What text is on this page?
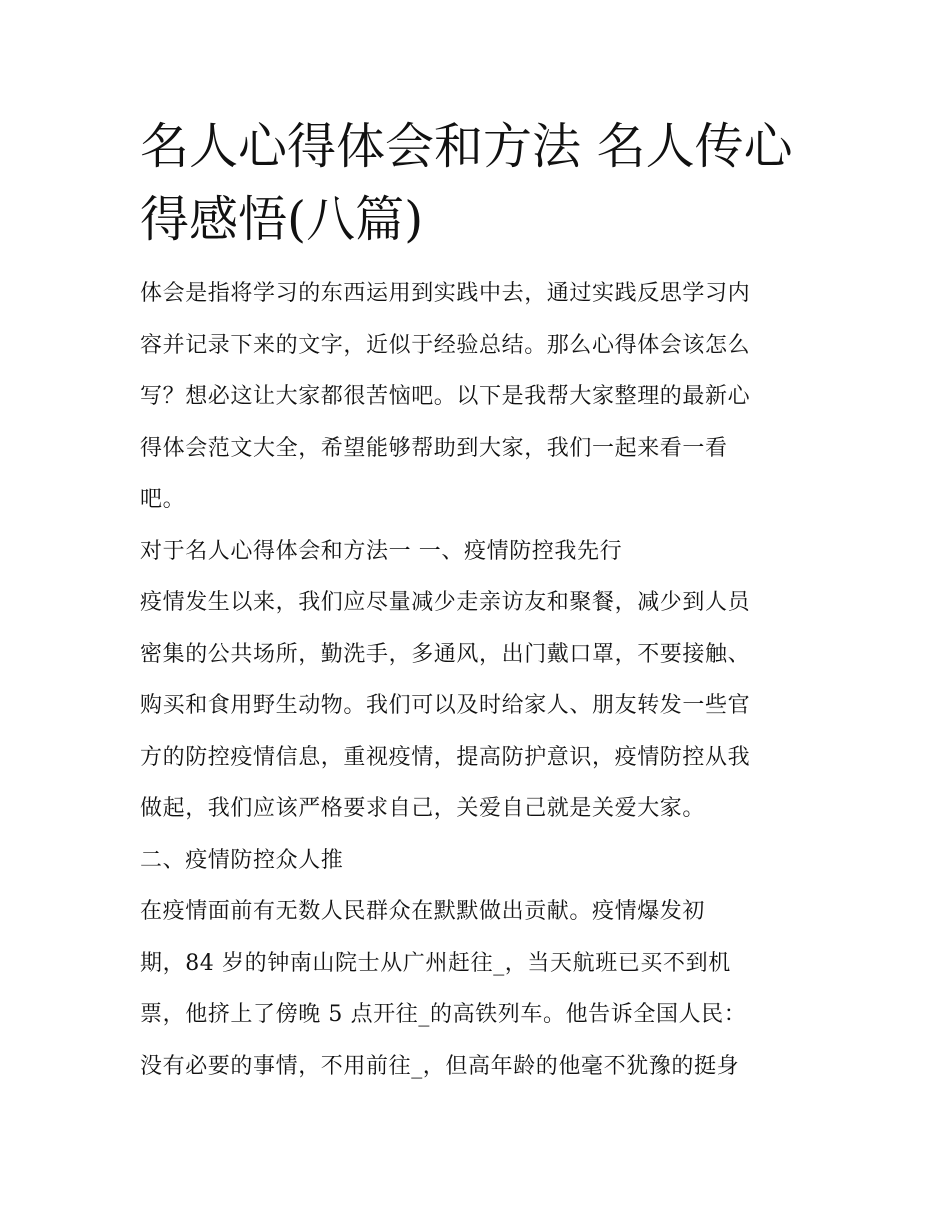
名人心得体会和方法 名人传心得感悟(八篇)

体会是指将学习的东西运用到实践中去，通过实践反思学习内

容并记录下来的文字，近似于经验总结。那么心得体会该怎么

写？想必这让大家都很苦恼吧。以下是我帮大家整理的最新心

得体会范文大全，希望能够帮助到大家，我们一起来看一看

吧。

对于名人心得体会和方法一 一、疫情防控我先行

疫情发生以来，我们应尽量减少走亲访友和聚餐，减少到人员

密集的公共场所，勤洗手，多通风，出门戴口罩，不要接触、

购买和食用野生动物。我们可以及时给家人、朋友转发一些官

方的防控疫情信息，重视疫情，提高防护意识，疫情防控从我

做起，我们应该严格要求自己，关爱自己就是关爱大家。

二、疫情防控众人推

在疫情面前有无数人民群众在默默做出贡献。疫情爆发初

期，84 岁的钟南山院士从广州赶往_，当天航班已买不到机

票，他挤上了傍晚 5 点开往_的高铁列车。他告诉全国人民：

没有必要的事情，不用前往_，但高年龄的他毫不犹豫的挺身
